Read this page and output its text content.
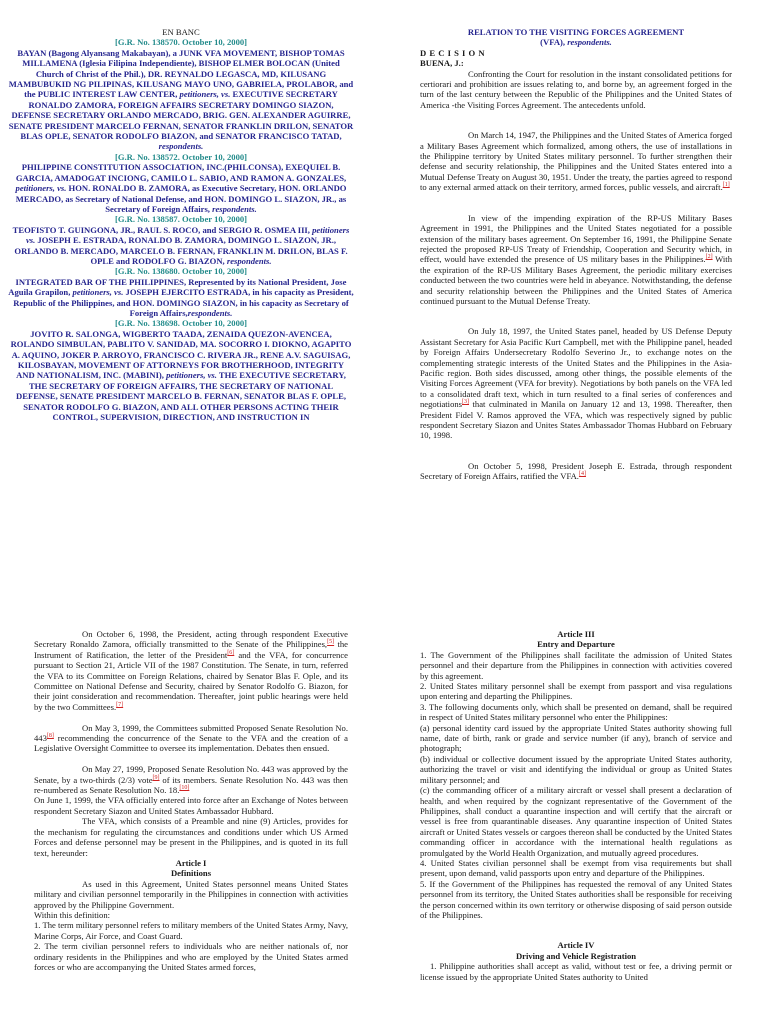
EN BANC
[G.R. No. 138570. October 10, 2000]

BAYAN (Bagong Alyansang Makabayan), a JUNK VFA MOVEMENT, BISHOP TOMAS MILLAMENA (Iglesia Filipina Independiente), BISHOP ELMER BOLOCAN (United Church of Christ of the Phil.), DR. REYNALDO LEGASCA, MD, KILUSANG MAMBUBUKID NG PILIPINAS, KILUSANG MAYO UNO, GABRIELA, PROLABOR, and the PUBLIC INTEREST LAW CENTER, petitioners, vs. EXECUTIVE SECRETARY RONALDO ZAMORA, FOREIGN AFFAIRS SECRETARY DOMINGO SIAZON, DEFENSE SECRETARY ORLANDO MERCADO, BRIG. GEN. ALEXANDER AGUIRRE, SENATE PRESIDENT MARCELO FERNAN, SENATOR FRANKLIN DRILON, SENATOR BLAS OPLE, SENATOR RODOLFO BIAZON, and SENATOR FRANCISCO TATAD, respondents.

[G.R. No. 138572. October 10, 2000]

PHILIPPINE CONSTITUTION ASSOCIATION, INC.(PHILCONSA), EXEQUIEL B. GARCIA, AMADOGAT INCIONG, CAMILO L. SABIO, AND RAMON A. GONZALES, petitioners, vs. HON. RONALDO B. ZAMORA, as Executive Secretary, HON. ORLANDO MERCADO, as Secretary of National Defense, and HON. DOMINGO L. SIAZON, JR., as Secretary of Foreign Affairs, respondents.

[G.R. No. 138587. October 10, 2000]

TEOFISTO T. GUINGONA, JR., RAUL S. ROCO, and SERGIO R. OSMEA III, petitioners vs. JOSEPH E. ESTRADA, RONALDO B. ZAMORA, DOMINGO L. SIAZON, JR., ORLANDO B. MERCADO, MARCELO B. FERNAN, FRANKLIN M. DRILON, BLAS F. OPLE and RODOLFO G. BIAZON, respondents.

[G.R. No. 138680. October 10, 2000]

INTEGRATED BAR OF THE PHILIPPINES, Represented by its National President, Jose Aguila Grapilon, petitioners, vs. JOSEPH EJERCITO ESTRADA, in his capacity as President, Republic of the Philippines, and HON. DOMINGO SIAZON, in his capacity as Secretary of Foreign Affairs,respondents.

[G.R. No. 138698. October 10, 2000]

JOVITO R. SALONGA, WIGBERTO TAADA, ZENAIDA QUEZON-AVENCEA, ROLANDO SIMBULAN, PABLITO V. SANIDAD, MA. SOCORRO I. DIOKNO, AGAPITO A. AQUINO, JOKER P. ARROYO, FRANCISCO C. RIVERA JR., RENE A.V. SAGUISAG, KILOSBAYAN, MOVEMENT OF ATTORNEYS FOR BROTHERHOOD, INTEGRITY AND NATIONALISM, INC. (MABINI), petitioners, vs. THE EXECUTIVE SECRETARY, THE SECRETARY OF FOREIGN AFFAIRS, THE SECRETARY OF NATIONAL DEFENSE, SENATE PRESIDENT MARCELO B. FERNAN, SENATOR BLAS F. OPLE, SENATOR RODOLFO G. BIAZON, AND ALL OTHER PERSONS ACTING THEIR CONTROL, SUPERVISION, DIRECTION, AND INSTRUCTION IN

RELATION TO THE VISITING FORCES AGREEMENT
(VFA), respondents.
D E C I S I O N
BUENA, J.:

Confronting the Court for resolution in the instant consolidated petitions for certiorari and prohibition are issues relating to, and borne by, an agreement forged in the turn of the last century between the Republic of the Philippines and the United States of America -the Visiting Forces Agreement. The antecedents unfold.

On March 14, 1947, the Philippines and the United States of America forged a Military Bases Agreement which formalized, among others, the use of installations in the Philippine territory by United States military personnel. To further strengthen their defense and security relationship, the Philippines and the United States entered into a Mutual Defense Treaty on August 30, 1951. Under the treaty, the parties agreed to respond to any external armed attack on their territory, armed forces, public vessels, and aircraft.[1]

In view of the impending expiration of the RP-US Military Bases Agreement in 1991, the Philippines and the United States negotiated for a possible extension of the military bases agreement. On September 16, 1991, the Philippine Senate rejected the proposed RP-US Treaty of Friendship, Cooperation and Security which, in effect, would have extended the presence of US military bases in the Philippines.[2] With the expiration of the RP-US Military Bases Agreement, the periodic military exercises conducted between the two countries were held in abeyance. Notwithstanding, the defense and security relationship between the Philippines and the United States of America continued pursuant to the Mutual Defense Treaty.

On July 18, 1997, the United States panel, headed by US Defense Deputy Assistant Secretary for Asia Pacific Kurt Campbell, met with the Philippine panel, headed by Foreign Affairs Undersecretary Rodolfo Severino Jr., to exchange notes on the complementing strategic interests of the United States and the Philippines in the Asia-Pacific region. Both sides discussed, among other things, the possible elements of the Visiting Forces Agreement (VFA for brevity). Negotiations by both panels on the VFA led to a consolidated draft text, which in turn resulted to a final series of conferences and negotiations[3] that culminated in Manila on January 12 and 13, 1998. Thereafter, then President Fidel V. Ramos approved the VFA, which was respectively signed by public respondent Secretary Siazon and Unites States Ambassador Thomas Hubbard on February 10, 1998.

On October 5, 1998, President Joseph E. Estrada, through respondent Secretary of Foreign Affairs, ratified the VFA.[4]

On October 6, 1998, the President, acting through respondent Executive Secretary Ronaldo Zamora, officially transmitted to the Senate of the Philippines,[5] the Instrument of Ratification, the letter of the President[6] and the VFA, for concurrence pursuant to Section 21, Article VII of the 1987 Constitution. The Senate, in turn, referred the VFA to its Committee on Foreign Relations, chaired by Senator Blas F. Ople, and its Committee on National Defense and Security, chaired by Senator Rodolfo G. Biazon, for their joint consideration and recommendation. Thereafter, joint public hearings were held by the two Committees.[7]

On May 3, 1999, the Committees submitted Proposed Senate Resolution No. 443[8] recommending the concurrence of the Senate to the VFA and the creation of a Legislative Oversight Committee to oversee its implementation. Debates then ensued.

On May 27, 1999, Proposed Senate Resolution No. 443 was approved by the Senate, by a two-thirds (2/3) vote[9] of its members. Senate Resolution No. 443 was then re-numbered as Senate Resolution No. 18.[10]

On June 1, 1999, the VFA officially entered into force after an Exchange of Notes between respondent Secretary Siazon and United States Ambassador Hubbard.

The VFA, which consists of a Preamble and nine (9) Articles, provides for the mechanism for regulating the circumstances and conditions under which US Armed Forces and defense personnel may be present in the Philippines, and is quoted in its full text, hereunder:

Article I
Definitions

As used in this Agreement, United States personnel means United States military and civilian personnel temporarily in the Philippines in connection with activities approved by the Philippine Government.

Within this definition:

1. The term military personnel refers to military members of the United States Army, Navy, Marine Corps, Air Force, and Coast Guard.

2. The term civilian personnel refers to individuals who are neither nationals of, nor ordinary residents in the Philippines and who are employed by the United States armed forces or who are accompanying the United States armed forces,

Article III
Entry and Departure

1. The Government of the Philippines shall facilitate the admission of United States personnel and their departure from the Philippines in connection with activities covered by this agreement.

2. United States military personnel shall be exempt from passport and visa regulations upon entering and departing the Philippines.

3. The following documents only, which shall be presented on demand, shall be required in respect of United States military personnel who enter the Philippines:

(a) personal identity card issued by the appropriate United States authority showing full name, date of birth, rank or grade and service number (if any), branch of service and photograph;

(b) individual or collective document issued by the appropriate United States authority, authorizing the travel or visit and identifying the individual or group as United States military personnel; and

(c) the commanding officer of a military aircraft or vessel shall present a declaration of health, and when required by the cognizant representative of the Government of the Philippines, shall conduct a quarantine inspection and will certify that the aircraft or vessel is free from quarantinable diseases. Any quarantine inspection of United States aircraft or United States vessels or cargoes thereon shall be conducted by the United States commanding officer in accordance with the international health regulations as promulgated by the World Health Organization, and mutually agreed procedures.

4. United States civilian personnel shall be exempt from visa requirements but shall present, upon demand, valid passports upon entry and departure of the Philippines.

5. If the Government of the Philippines has requested the removal of any United States personnel from its territory, the United States authorities shall be responsible for receiving the person concerned within its own territory or otherwise disposing of said person outside of the Philippines.

Article IV
Driving and Vehicle Registration

1. Philippine authorities shall accept as valid, without test or fee, a driving permit or license issued by the appropriate United States authority to United
